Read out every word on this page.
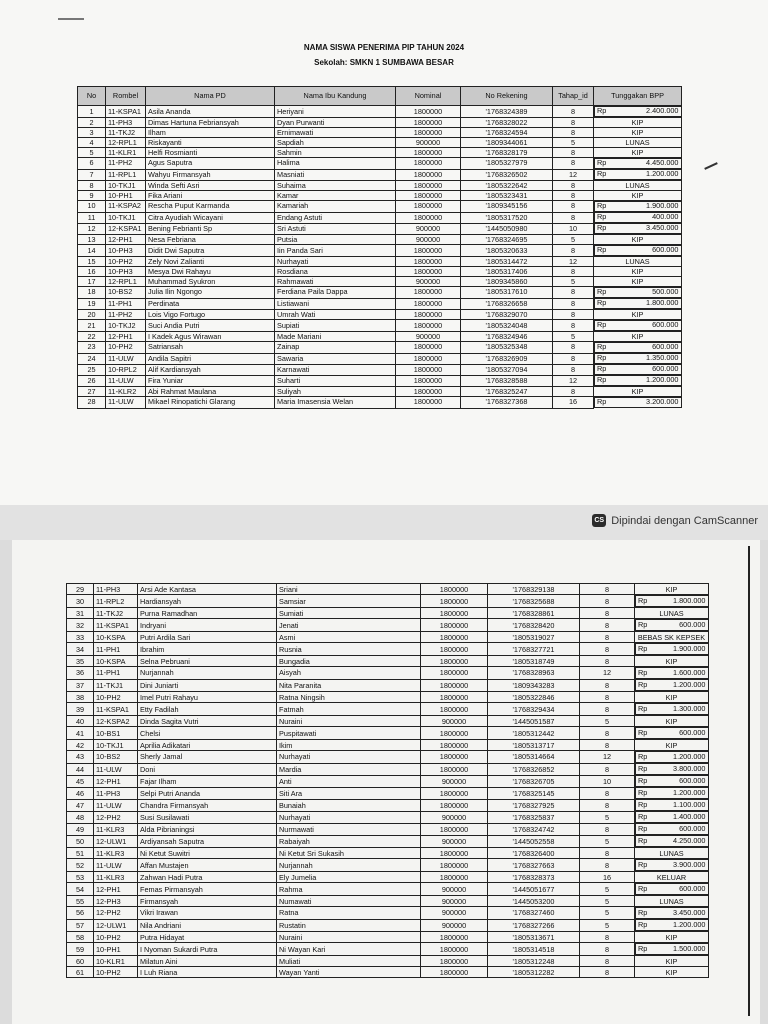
NAMA SISWA PENERIMA PIP TAHUN 2024
Sekolah: SMKN 1 SUMBAWA BESAR
No	Rombel	Nama PD	Nama Ibu Kandung	Nominal	No Rekening	Tahap_id	Tunggakan BPP
1	11-KSPA1	Asila Ananda	Heriyani	1800000	'1768324389	8		Rp	2.400.000

2	11-PH3	Dimas Hartuna Febriansyah	Dyan Purwanti	1800000	'1768328022	8	KIP
3	11-TKJ2	Ilham	Ernimawati	1800000	'1768324594	8	KIP
4	12-RPL1	Riskayanti	Sapdiah	900000	'1809344061	5	LUNAS
5	11-KLR1	Helfi Rosmianti	Sahmin	1800000	'1768328179	8	KIP
6	11-PH2	Agus Saputra	Halima	1800000	'1805327979	8		Rp	4.450.000

7	11-RPL1	Wahyu Firmansyah	Masniati	1800000	'1768326502	12		Rp	1.200.000

8	10-TKJ1	Winda Sefti Asri	Suhaima	1800000	'1805322642	8	LUNAS
9	10-PH1	Fika Ariani	Kamar	1800000	'1805323431	8	KIP
10	11-KSPA2	Rescha Puput Karmanda	Kamariah	1800000	'1809345156	8		Rp	1.900.000

11	10-TKJ1	Citra Ayudiah Wicayani	Endang Astuti	1800000	'1805317520	8		Rp	400.000

12	12-KSPA1	Bening Febrianti Sp	Sri Astuti	900000	'1445050980	10		Rp	3.450.000

13	12-PH1	Nesa Febriana	Putsia	900000	'1768324695	5	KIP
14	10-PH3	Didit Dwi Saputra	Iin Panda Sari	1800000	'1805320633	8		Rp	600.000

15	10-PH2	Zely Novi Zalianti	Nurhayati	1800000	'1805314472	12	LUNAS
16	10-PH3	Mesya Dwi Rahayu	Rosdiana	1800000	'1805317406	8	KIP
17	12-RPL1	Muhammad Syukron	Rahmawati	900000	'1809345860	5	KIP
18	10-BS2	Julia Ilin Ngongo	Ferdiana Paila Dappa	1800000	'1805317610	8		Rp	500.000

19	11-PH1	Perdinata	Listiawani	1800000	'1768326658	8		Rp	1.800.000

20	11-PH2	Lois Vigo Fortugo	Umrah Wati	1800000	'1768329070	8	KIP
21	10-TKJ2	Suci Andia Putri	Supiati	1800000	'1805324048	8		Rp	600.000

22	12-PH1	I Kadek Agus Wirawan	Made Mariani	900000	'1768324946	5	KIP
23	10-PH2	Satriansah	Zainap	1800000	'1805325348	8		Rp	600.000

24	11-ULW	Andila Sapitri	Sawaria	1800000	'1768326909	8		Rp	1.350.000

25	10-RPL2	Alif Kardiansyah	Karnawati	1800000	'1805327094	8		Rp	600.000

26	11-ULW	Fira Yuniar	Suharti	1800000	'1768328588	12		Rp	1.200.000

27	11-KLR2	Abi Rahmat Maulana	Suliyah	1800000	'1768325247	8	KIP
28	11-ULW	Mikael Rinopatichi Glarang	Maria Imasensia Welan	1800000	'1768327368	16		Rp	3.200.000
CS Dipindai dengan CamScanner
29	11-PH3	Arsi Ade Kantasa	Sriani	1800000	'1768329138	8	KIP
30	11-RPL2	Hardiansyah	Samsiar	1800000	'1768325688	8		Rp	1.800.000

31	11-TKJ2	Purna Ramadhan	Sumiati	1800000	'1768328861	8	LUNAS
32	11-KSPA1	Indryani	Jenati	1800000	'1768328420	8		Rp	600.000

33	10-KSPA	Putri Ardila Sari	Asmi	1800000	'1805319027	8	BEBAS SK KEPSEK
34	11-PH1	Ibrahim	Rusnia	1800000	'1768327721	8		Rp	1.900.000

35	10-KSPA	Selna Pebruani	Bungadia	1800000	'1805318749	8	KIP
36	11-PH1	Nurjannah	Aisyah	1800000	'1768328963	12		Rp	1.600.000

37	11-TKJ1	Dini Juniarti	Nita Paranita	1800000	'1809343283	8		Rp	1.200.000

38	10-PH2	Imel Putri Rahayu	Ratna Ningsih	1800000	'1805322846	8	KIP
39	11-KSPA1	Etty Fadilah	Fatmah	1800000	'1768329434	8		Rp	1.300.000

40	12-KSPA2	Dinda Sagita Vutri	Nuraini	900000	'1445051587	5	KIP
41	10-BS1	Chelsi	Puspitawati	1800000	'1805312442	8		Rp	600.000

42	10-TKJ1	Aprilia Adikatari	Ikim	1800000	'1805313717	8	KIP
43	10-BS2	Sherly Jamal	Nurhayati	1800000	'1805314664	12		Rp	1.200.000

44	11-ULW	Doni	Mardia	1800000	'1768326852	8		Rp	3.800.000

45	12-PH1	Fajar Ilham	Anti	900000	'1768326705	10		Rp	600.000

46	11-PH3	Selpi Putri Ananda	Siti Ara	1800000	'1768325145	8		Rp	1.200.000

47	11-ULW	Chandra Firmansyah	Bunaiah	1800000	'1768327925	8		Rp	1.100.000

48	12-PH2	Susi Susilawati	Nurhayati	900000	'1768325837	5		Rp	1.400.000

49	11-KLR3	Alda Pibrianingsi	Nurmawati	1800000	'1768324742	8		Rp	600.000

50	12-ULW1	Ardiyansah Saputra	Rabaiyah	900000	'1445052558	5		Rp	4.250.000

51	11-KLR3	Ni Ketut Suwitri	Ni Ketut Sri Sukasih	1800000	'1768326400	8	LUNAS
52	11-ULW	Affan Mustajen	Nurjannah	1800000	'1768327663	8		Rp	3.900.000

53	11-KLR3	Zahwan Hadi Putra	Ely Jumelia	1800000	'1768328373	16	KELUAR
54	12-PH1	Femas Pirmansyah	Rahma	900000	'1445051677	5		Rp	600.000

55	12-PH3	Firmansyah	Numawati	900000	'1445053200	5	LUNAS
56	12-PH2	Vikri Irawan	Ratna	900000	'1768327460	5		Rp	3.450.000

57	12-ULW1	Nila Andriani	Rustatin	900000	'1768327266	5		Rp	1.200.000

58	10-PH2	Putra Hidayat	Nuraini	1800000	'1805313671	8	KIP
59	10-PH1	I Nyoman Sukardi Putra	Ni Wayan Kari	1800000	'1805314518	8		Rp	1.500.000

60	10-KLR1	Milatun Aini	Muliati	1800000	'1805312248	8	KIP
61	10-PH2	I Luh Riana	Wayan Yanti	1800000	'1805312282	8	KIP
